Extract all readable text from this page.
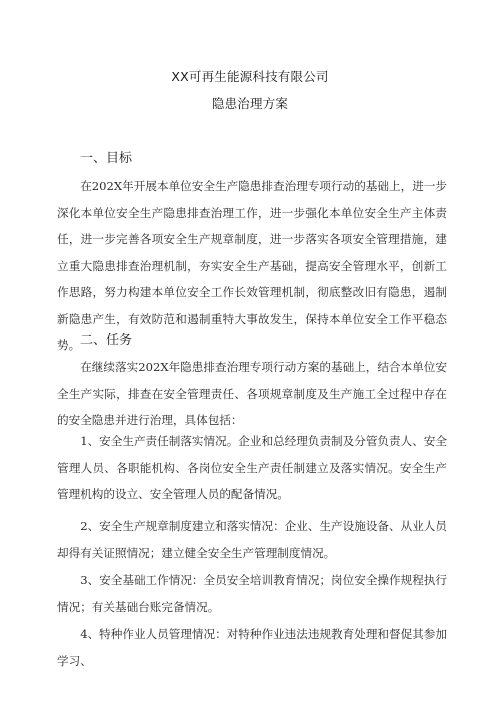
XX可再生能源科技有限公司
隐患治理方案
一、目标

在202X年开展本单位安全生产隐患排查治理专项行动的基础上，进一步深化本单位安全生产隐患排查治理工作，进一步强化本单位安全生产主体责任，进一步完善各项安全生产规章制度，进一步落实各项安全管理措施，建立重大隐患排查治理机制，夯实安全生产基础，提高安全管理水平，创新工作思路，努力构建本单位安全工作长效管理机制，彻底整改旧有隐患，遏制新隐患产生，有效防范和遏制重特大事故发生，保持本单位安全工作平稳态势。 二、任务

在继续落实202X年隐患排查治理专项行动方案的基础上，结合本单位安全生产实际，排查在安全管理责任、各项规章制度及生产施工全过程中存在的安全隐患并进行治理，具体包括：

1、安全生产责任制落实情况。企业和总经理负责制及分管负责人、安全管理人员、各职能机构、各岗位安全生产责任制建立及落实情况。安全生产管理机构的设立、安全管理人员的配备情况。

2、安全生产规章制度建立和落实情况：企业、生产设施设备、从业人员却得有关证照情况；建立健全安全生产管理制度情况。

3、安全基础工作情况：全员安全培训教育情况；岗位安全操作规程执行情况；有关基础台账完备情况。

4、特种作业人员管理情况：对特种作业违法违规教育处理和督促其参加学习、
